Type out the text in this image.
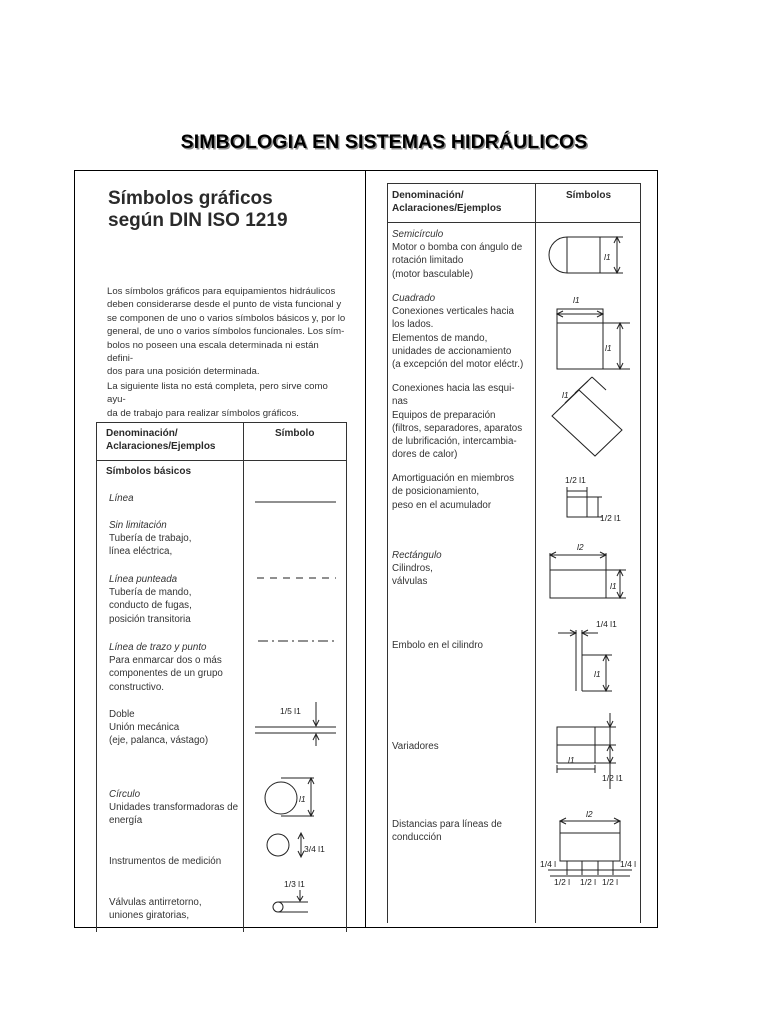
SIMBOLOGIA EN SISTEMAS HIDRÁULICOS
Símbolos gráficos
según DIN ISO 1219
Los símbolos gráficos para equipamientos hidráulicos
deben considerarse desde el punto de vista funcional y
se componen de uno o varios símbolos básicos y, por lo
general, de uno o varios símbolos funcionales. Los sím-
bolos no poseen una escala determinada ni están defini-
dos para una posición determinada.
La siguiente lista no está completa, pero sirve como ayu-
da de trabajo para realizar símbolos gráficos.
Denominación/
Aclaraciones/Ejemplos
Símbolo
Símbolos básicos
Línea
Sin limitación
Tubería de trabajo,
línea eléctrica,
Línea punteada
Tubería de mando,
conducto de fugas,
posición transitoria
Línea de trazo y punto
Para enmarcar dos o más
componentes de un grupo
constructivo.
Doble
Unión mecánica
(eje, palanca, vástago)
Círculo
Unidades transformadoras de
energía
Instrumentos de medición
Válvulas antirretorno,
uniones giratorias,
1/5 l1
l1
3/4 l1
1/3 l1
Denominación/
Aclaraciones/Ejemplos
Símbolos
Semicírculo
Motor o bomba con ángulo de
rotación limitado
(motor basculable)
Cuadrado
Conexiones verticales hacia
los lados.
Elementos de mando,
unidades de accionamiento
(a excepción del motor eléctr.)
Conexiones hacia las esqui-
nas
Equipos de preparación
(filtros, separadores, aparatos
de lubrificación, intercambia-
dores de calor)
Amortiguación en miembros
de posicionamiento,
peso en el acumulador
Rectángulo
Cilindros,
válvulas
Embolo en el cilindro
Variadores
Distancias para líneas de
conducción
l1
l1
l1
l1
1/2 l1
1/2 l1
l2
l1
1/4 l1
l1
l1
1/2 l1
l2
1/4 l	1/4 l
1/2 l 1/2 l 1/2 l
